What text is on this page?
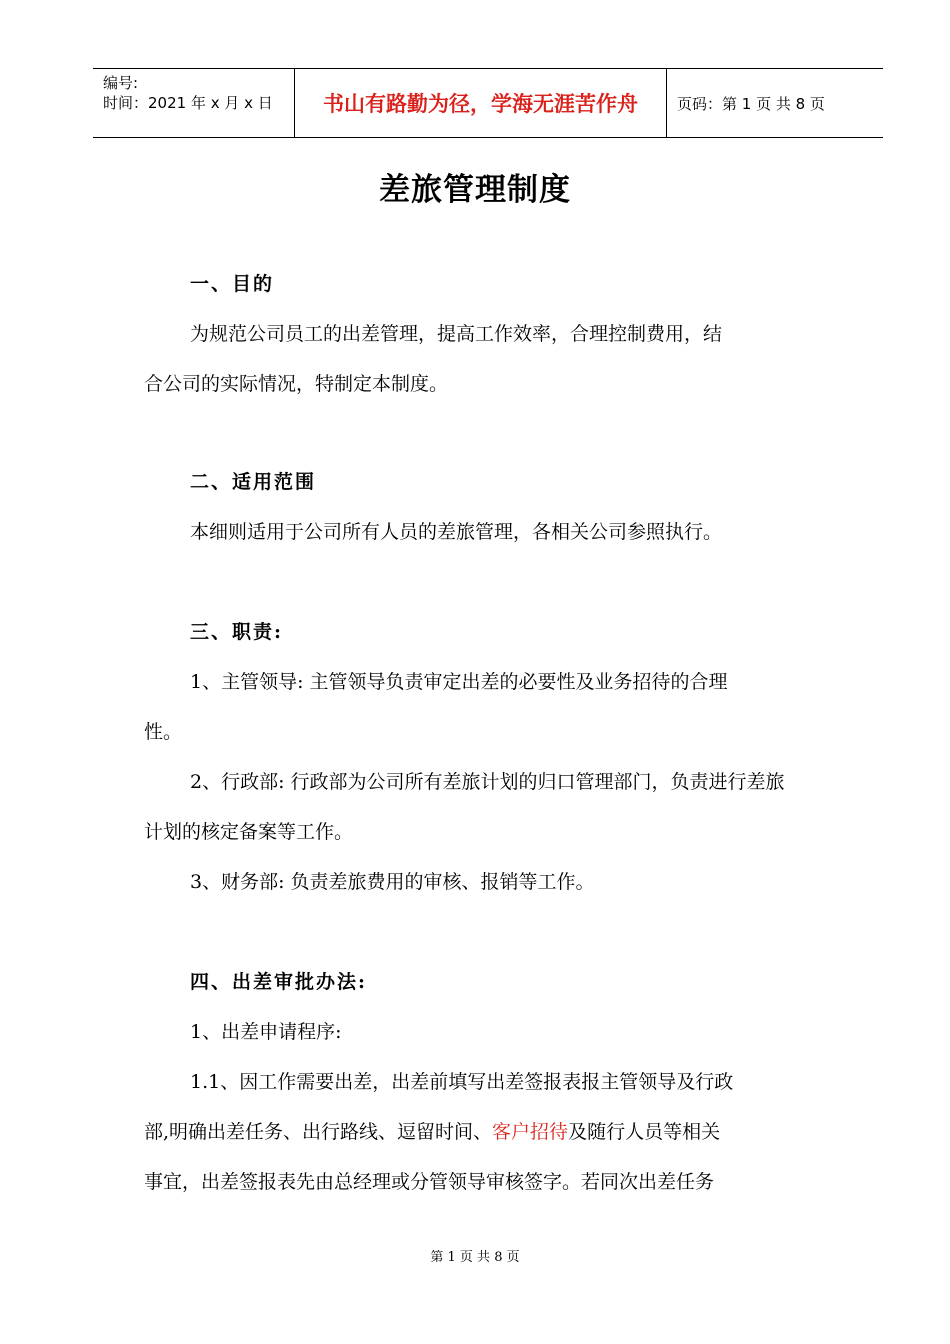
编号:
时间：2021 年 x 月 x 日	书山有路勤为径，学海无涯苦作舟	页码：第 1 页 共 8 页
差旅管理制度
一、目的
为规范公司员工的出差管理，提高工作效率，合理控制费用，结
合公司的实际情况，特制定本制度。
二、适用范围
本细则适用于公司所有人员的差旅管理，各相关公司参照执行。
三、职责:
1、主管领导: 主管领导负责审定出差的必要性及业务招待的合理
性。
2、行政部: 行政部为公司所有差旅计划的归口管理部门，负责进行差旅
计划的核定备案等工作。
3、财务部: 负责差旅费用的审核、报销等工作。
四、出差审批办法:
1、出差申请程序:
1.1、因工作需要出差，出差前填写出差签报表报主管领导及行政
部,明确出差任务、出行路线、逗留时间、客户招待及随行人员等相关
事宜，出差签报表先由总经理或分管领导审核签字。若同次出差任务
第 1 页 共 8 页
